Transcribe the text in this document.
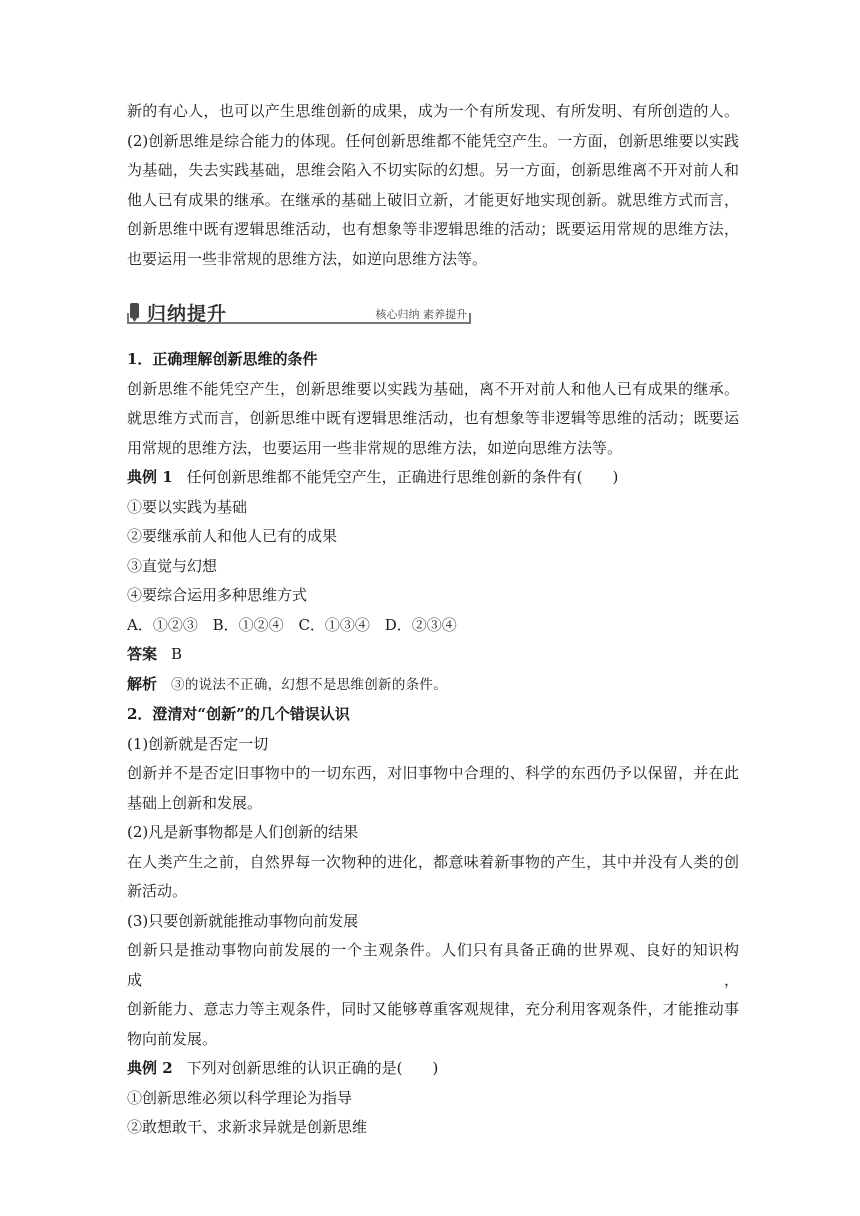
新的有心人，也可以产生思维创新的成果，成为一个有所发现、有所发明、有所创造的人。
(2)创新思维是综合能力的体现。任何创新思维都不能凭空产生。一方面，创新思维要以实践
为基础，失去实践基础，思维会陷入不切实际的幻想。另一方面，创新思维离不开对前人和
他人已有成果的继承。在继承的基础上破旧立新，才能更好地实现创新。就思维方式而言，
创新思维中既有逻辑思维活动，也有想象等非逻辑思维的活动；既要运用常规的思维方法，
也要运用一些非常规的思维方法，如逆向思维方法等。
归纳提升	核心归纳 素养提升
1．正确理解创新思维的条件
创新思维不能凭空产生，创新思维要以实践为基础，离不开对前人和他人已有成果的继承。
就思维方式而言，创新思维中既有逻辑思维活动，也有想象等非逻辑等思维的活动；既要运
用常规的思维方法，也要运用一些非常规的思维方法，如逆向思维方法等。
典例 1 任何创新思维都不能凭空产生，正确进行思维创新的条件有(　　)
①要以实践为基础
②要继承前人和他人已有的成果
③直觉与幻想
④要综合运用多种思维方式
A．①②③ B．①②④ C．①③④ D．②③④
答案 B
解析 ③的说法不正确，幻想不是思维创新的条件。
2．澄清对“创新”的几个错误认识
(1)创新就是否定一切
创新并不是否定旧事物中的一切东西，对旧事物中合理的、科学的东西仍予以保留，并在此
基础上创新和发展。
(2)凡是新事物都是人们创新的结果
在人类产生之前，自然界每一次物种的进化，都意味着新事物的产生，其中并没有人类的创
新活动。
(3)只要创新就能推动事物向前发展
创新只是推动事物向前发展的一个主观条件。人们只有具备正确的世界观、良好的知识构成，
创新能力、意志力等主观条件，同时又能够尊重客观规律，充分利用客观条件，才能推动事
物向前发展。
典例 2 下列对创新思维的认识正确的是(　　)
①创新思维必须以科学理论为指导
②敢想敢干、求新求异就是创新思维
